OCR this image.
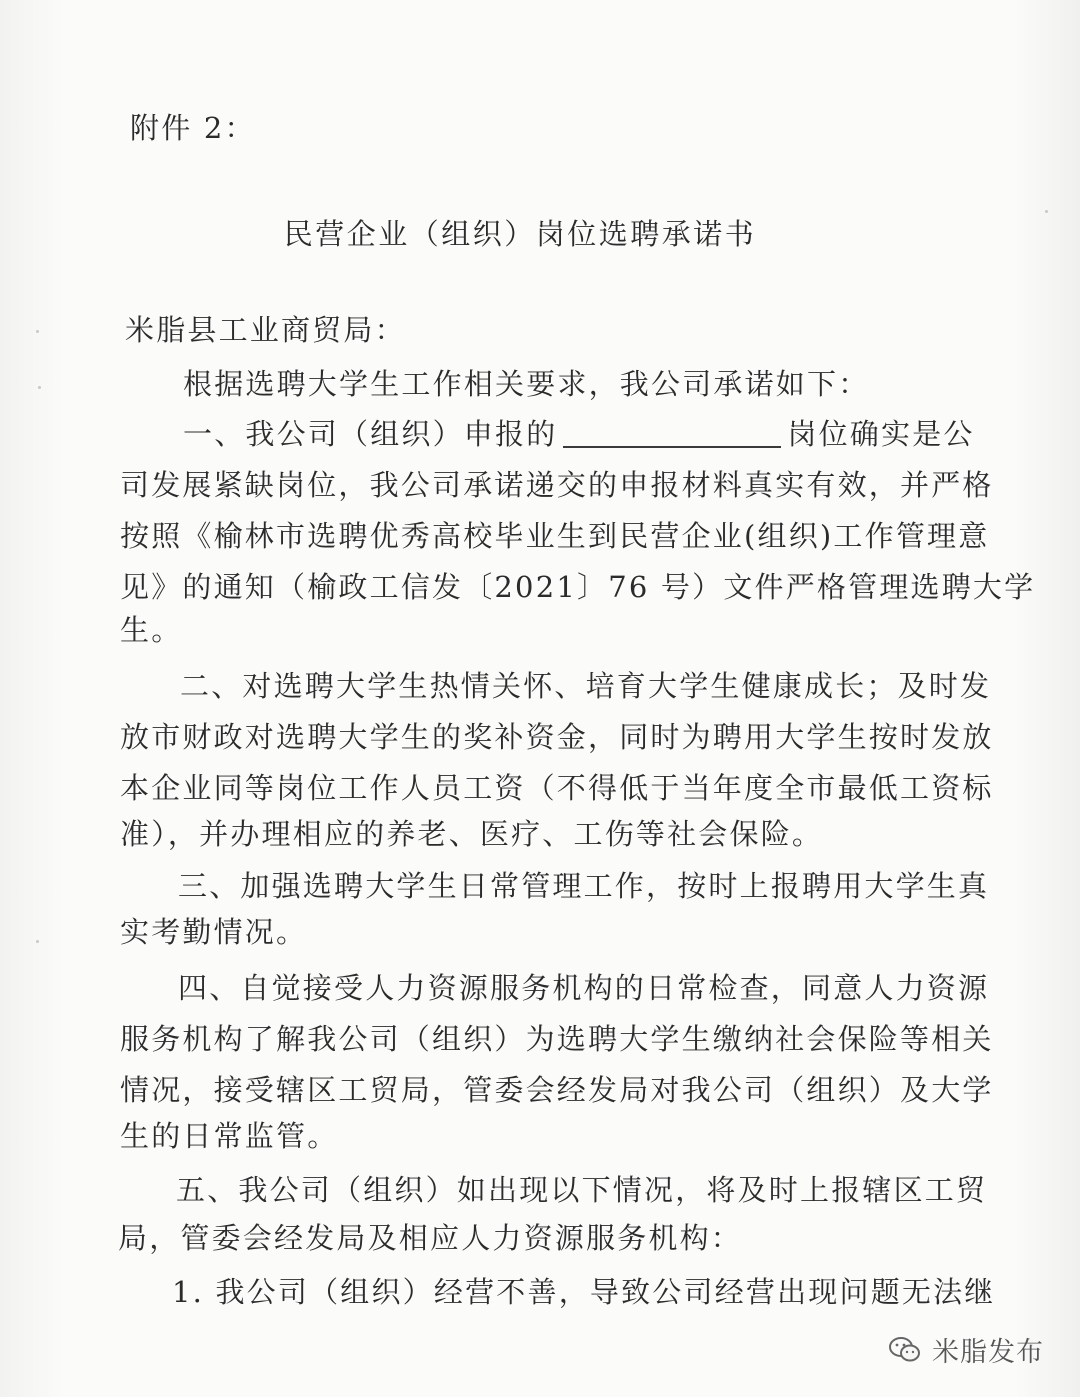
附件 2：
民营企业（组织）岗位选聘承诺书
米脂县工业商贸局：
根据选聘大学生工作相关要求，我公司承诺如下：
一、我公司（组织）申报的	岗位确实是公
司发展紧缺岗位，我公司承诺递交的申报材料真实有效，并严格
按照《榆林市选聘优秀高校毕业生到民营企业(组织)工作管理意
见》的通知（榆政工信发〔2021〕76 号）文件严格管理选聘大学
生。
二、对选聘大学生热情关怀、培育大学生健康成长；及时发
放市财政对选聘大学生的奖补资金，同时为聘用大学生按时发放
本企业同等岗位工作人员工资（不得低于当年度全市最低工资标
准），并办理相应的养老、医疗、工伤等社会保险。
三、加强选聘大学生日常管理工作，按时上报聘用大学生真
实考勤情况。
四、自觉接受人力资源服务机构的日常检查，同意人力资源
服务机构了解我公司（组织）为选聘大学生缴纳社会保险等相关
情况，接受辖区工贸局，管委会经发局对我公司（组织）及大学
生的日常监管。
五、我公司（组织）如出现以下情况，将及时上报辖区工贸
局，管委会经发局及相应人力资源服务机构：
1. 我公司（组织）经营不善，导致公司经营出现问题无法继
米脂发布
